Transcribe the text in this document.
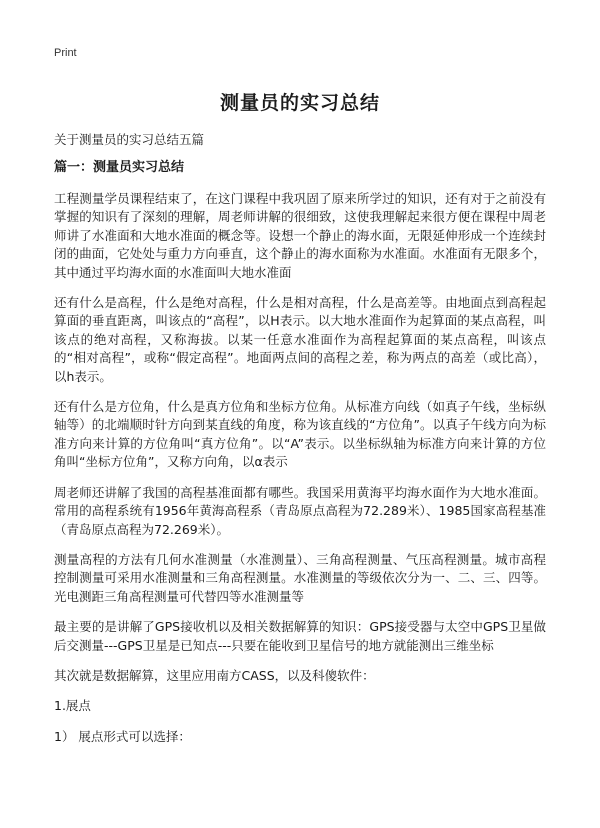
Print
测量员的实习总结

关于测量员的实习总结五篇

篇一：测量员实习总结

工程测量学员课程结束了，在这门课程中我巩固了原来所学过的知识，还有对于之前没有掌握的知识有了深刻的理解，周老师讲解的很细致，这使我理解起来很方便在课程中周老师讲了水准面和大地水准面的概念等。设想一个静止的海水面，无限延伸形成一个连续封闭的曲面，它处处与重力方向垂直，这个静止的海水面称为水准面。水准面有无限多个，其中通过平均海水面的水准面叫大地水准面

还有什么是高程，什么是绝对高程，什么是相对高程，什么是高差等。由地面点到高程起算面的垂直距离，叫该点的“高程”，以H表示。以大地水准面作为起算面的某点高程，叫该点的绝对高程，又称海拔。以某一任意水准面作为高程起算面的某点高程，叫该点的“相对高程”，或称“假定高程”。地面两点间的高程之差，称为两点的高差（或比高），以h表示。

还有什么是方位角，什么是真方位角和坐标方位角。从标准方向线（如真子午线，坐标纵轴等）的北端顺时针方向到某直线的角度，称为该直线的“方位角”。以真子午线方向为标准方向来计算的方位角叫“真方位角”。以“A”表示。以坐标纵轴为标准方向来计算的方位角叫“坐标方位角”，又称方向角，以α表示

周老师还讲解了我国的高程基准面都有哪些。我国采用黄海平均海水面作为大地水准面。常用的高程系统有1956年黄海高程系（青岛原点高程为72.289米）、1985国家高程基准（青岛原点高程为72.269米）。

测量高程的方法有几何水准测量（水准测量）、三角高程测量、气压高程测量。城市高程控制测量可采用水准测量和三角高程测量。水准测量的等级依次分为一、二、三、四等。光电测距三角高程测量可代替四等水准测量等

最主要的是讲解了GPS接收机以及相关数据解算的知识：GPS接受器与太空中GPS卫星做后交测量---GPS卫星是已知点---只要在能收到卫星信号的地方就能测出三维坐标

其次就是数据解算，这里应用南方CASS，以及科傻软件：

1.展点

1） 展点形式可以选择：
